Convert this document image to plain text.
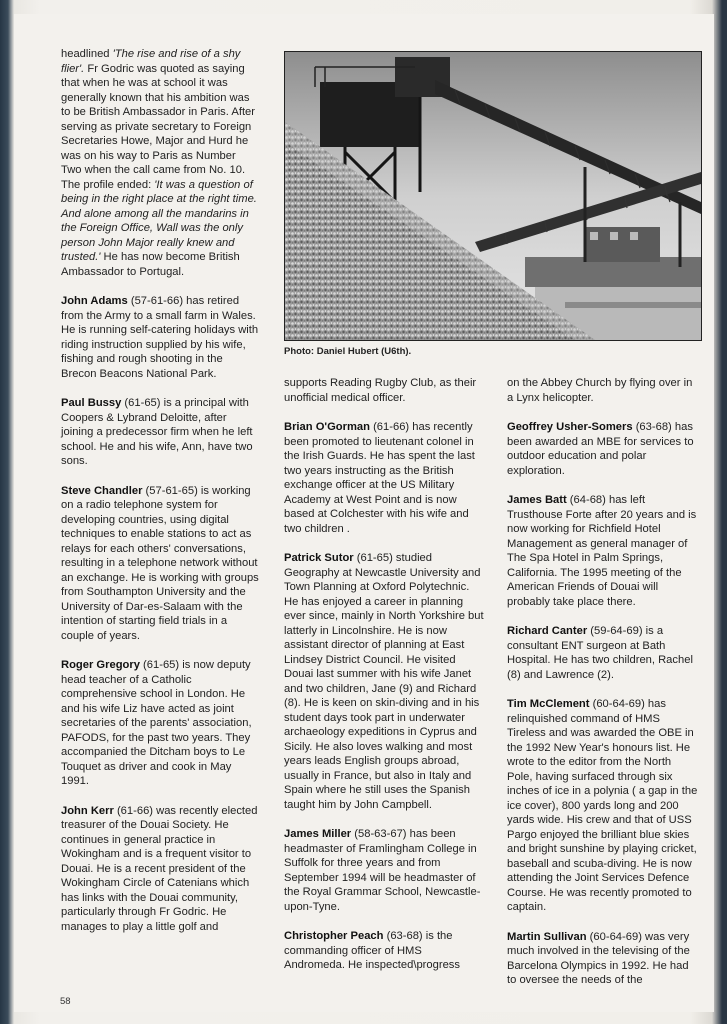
Photo: Daniel Hubert (U6th).

headlined 'The rise and rise of a shy flier'. Fr Godric was quoted as saying that when he was at school it was generally known that his ambition was to be British Ambassador in Paris. After serving as private secretary to Foreign Secretaries Howe, Major and Hurd he was on his way to Paris as Number Two when the call came from No. 10. The profile ended: 'It was a question of being in the right place at the right time. And alone among all the mandarins in the Foreign Office, Wall was the only person John Major really knew and trusted.' He has now become British Ambassador to Portugal.

John Adams (57-61-66) has retired from the Army to a small farm in Wales. He is running self-catering holidays with riding instruction supplied by his wife, fishing and rough shooting in the Brecon Beacons National Park.

Paul Bussy (61-65) is a principal with Coopers & Lybrand Deloitte, after joining a predecessor firm when he left school. He and his wife, Ann, have two sons.

Steve Chandler (57-61-65) is working on a radio telephone system for developing countries, using digital techniques to enable stations to act as relays for each others' conversations, resulting in a telephone network without an exchange. He is working with groups from Southampton University and the University of Dar-es-Salaam with the intention of starting field trials in a couple of years.

Roger Gregory (61-65) is now deputy head teacher of a Catholic comprehensive school in London. He and his wife Liz have acted as joint secretaries of the parents' association, PAFODS, for the past two years. They accompanied the Ditcham boys to Le Touquet as driver and cook in May 1991.

John Kerr (61-66) was recently elected treasurer of the Douai Society. He continues in general practice in Wokingham and is a frequent visitor to Douai. He is a recent president of the Wokingham Circle of Catenians which has links with the Douai community, particularly through Fr Godric. He manages to play a little golf and

supports Reading Rugby Club, as their unofficial medical officer.

Brian O'Gorman (61-66) has recently been promoted to lieutenant colonel in the Irish Guards. He has spent the last two years instructing as the British exchange officer at the US Military Academy at West Point and is now based at Colchester with his wife and two children .

Patrick Sutor (61-65) studied Geography at Newcastle University and Town Planning at Oxford Polytechnic. He has enjoyed a career in planning ever since, mainly in North Yorkshire but latterly in Lincolnshire. He is now assistant director of planning at East Lindsey District Council. He visited Douai last summer with his wife Janet and two children, Jane (9) and Richard (8). He is keen on skin-diving and in his student days took part in underwater archaeology expeditions in Cyprus and Sicily. He also loves walking and most years leads English groups abroad, usually in France, but also in Italy and Spain where he still uses the Spanish taught him by John Campbell.

James Miller (58-63-67) has been headmaster of Framlingham College in Suffolk for three years and from September 1994 will be headmaster of the Royal Grammar School, Newcastle-upon-Tyne.

Christopher Peach (63-68) is the commanding officer of HMS Andromeda. He inspected\progress

on the Abbey Church by flying over in a Lynx helicopter.

Geoffrey Usher-Somers (63-68) has been awarded an MBE for services to outdoor education and polar exploration.

James Batt (64-68) has left Trusthouse Forte after 20 years and is now working for Richfield Hotel Management as general manager of The Spa Hotel in Palm Springs, California. The 1995 meeting of the American Friends of Douai will probably take place there.

Richard Canter (59-64-69) is a consultant ENT surgeon at Bath Hospital. He has two children, Rachel (8) and Lawrence (2).

Tim McClement (60-64-69) has relinquished command of HMS Tireless and was awarded the OBE in the 1992 New Year's honours list. He wrote to the editor from the North Pole, having surfaced through six inches of ice in a polynia ( a gap in the ice cover), 800 yards long and 200 yards wide. His crew and that of USS Pargo enjoyed the brilliant blue skies and bright sunshine by playing cricket, baseball and scuba-diving. He is now attending the Joint Services Defence Course. He was recently promoted to captain.

Martin Sullivan (60-64-69) was very much involved in the televising of the Barcelona Olympics in 1992. He had to oversee the needs of the

58
